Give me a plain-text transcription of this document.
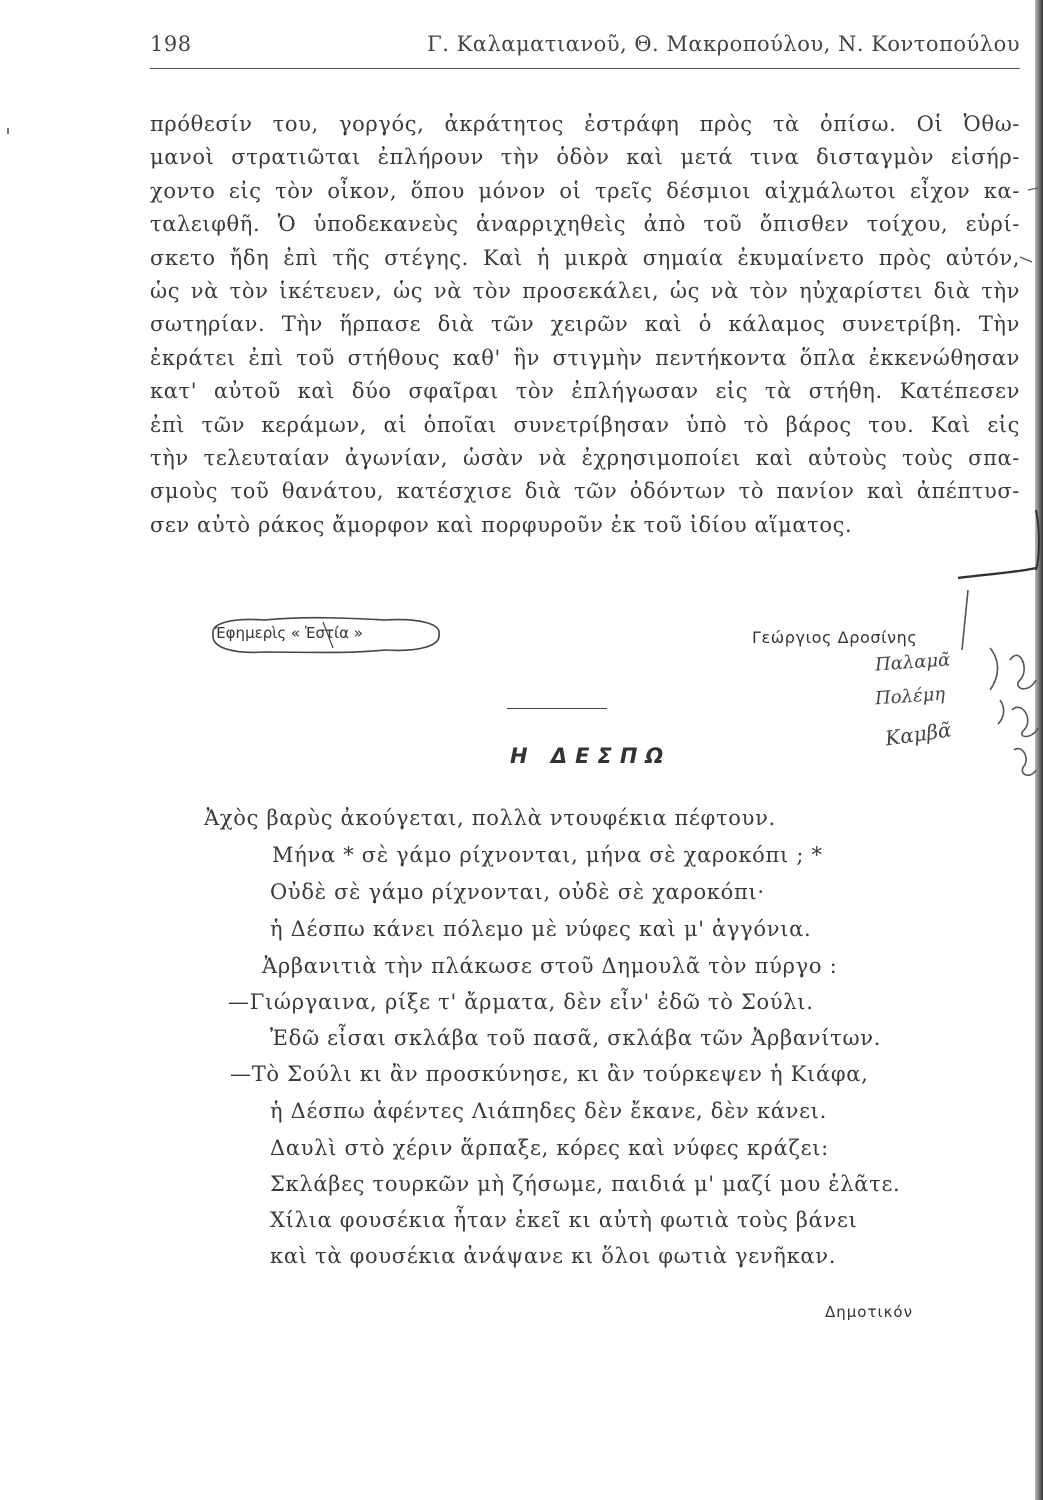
198	Γ. Καλαματιανοῦ, Θ. Μακροπούλου, Ν. Κοντοπούλου
πρόθεσίν του, γοργός, ἀκράτητος ἐστράφη πρὸς τὰ ὀπίσω. Οἱ Ὀθω-
μανοὶ στρατιῶται ἐπλήρουν τὴν ὁδὸν καὶ μετά τινα δισταγμὸν εἰσήρ-
χοντο εἰς τὸν οἶκον, ὅπου μόνον οἱ τρεῖς δέσμιοι αἰχμάλωτοι εἶχον κα-
ταλειφθῆ. Ὁ ὑποδεκανεὺς ἀναρριχηθεὶς ἀπὸ τοῦ ὄπισθεν τοίχου, εὑρί-
σκετο ἤδη ἐπὶ τῆς στέγης. Καὶ ἡ μικρὰ σημαία ἐκυμαίνετο πρὸς αὐτόν,
ὡς νὰ τὸν ἱκέτευεν, ὡς νὰ τὸν προσεκάλει, ὡς νὰ τὸν ηὐχαρίστει διὰ τὴν
σωτηρίαν. Τὴν ἥρπασε διὰ τῶν χειρῶν καὶ ὁ κάλαμος συνετρίβη. Τὴν
ἐκράτει ἐπὶ τοῦ στήθους καθ' ἣν στιγμὴν πεντήκοντα ὅπλα ἐκκενώθησαν
κατ' αὐτοῦ καὶ δύο σφαῖραι τὸν ἐπλήγωσαν εἰς τὰ στήθη. Κατέπεσεν
ἐπὶ τῶν κεράμων, αἱ ὁποῖαι συνετρίβησαν ὑπὸ τὸ βάρος του. Καὶ εἰς
τὴν τελευταίαν ἀγωνίαν, ὡσὰν νὰ ἐχρησιμοποίει καὶ αὐτοὺς τοὺς σπα-
σμοὺς τοῦ θανάτου, κατέσχισε διὰ τῶν ὀδόντων τὸ πανίον καὶ ἀπέπτυσ-
σεν αὐτὸ ράκος ἄμορφον καὶ πορφυροῦν ἐκ τοῦ ἰδίου αἵματος.
Ἐφημερὶς « Ἑστία »	Γεώργιος Δροσίνης
Παλαμᾶ
Πολέμη
Καμβᾶ
Η ΔΕΣΠΩ
Ἀχὸς βαρὺς ἀκούγεται, πολλὰ ντουφέκια πέφτουν.
Μήνα * σὲ γάμο ρίχνονται, μήνα σὲ χαροκόπι ; *
Οὐδὲ σὲ γάμο ρίχνονται, οὐδὲ σὲ χαροκόπι·
ἡ Δέσπω κάνει πόλεμο μὲ νύφες καὶ μ' ἀγγόνια.
Ἀρβανιτιὰ τὴν πλάκωσε στοῦ Δημουλᾶ τὸν πύργο :
—Γιώργαινα, ρίξε τ' ἄρματα, δὲν εἶν' ἐδῶ τὸ Σούλι.
Ἐδῶ εἶσαι σκλάβα τοῦ πασᾶ, σκλάβα τῶν Ἀρβανίτων.
—Τὸ Σούλι κι ἂν προσκύνησε, κι ἂν τούρκεψεν ἡ Κιάφα,
ἡ Δέσπω ἀφέντες Λιάπηδες δὲν ἔκανε, δὲν κάνει.
Δαυλὶ στὸ χέριν ἅρπαξε, κόρες καὶ νύφες κράζει:
Σκλάβες τουρκῶν μὴ ζήσωμε, παιδιά μ' μαζί μου ἐλᾶτε.
Χίλια φουσέκια ἦταν ἐκεῖ κι αὐτὴ φωτιὰ τοὺς βάνει
καὶ τὰ φουσέκια ἀνάψανε κι ὅλοι φωτιὰ γενῆκαν.
Δημοτικόν
